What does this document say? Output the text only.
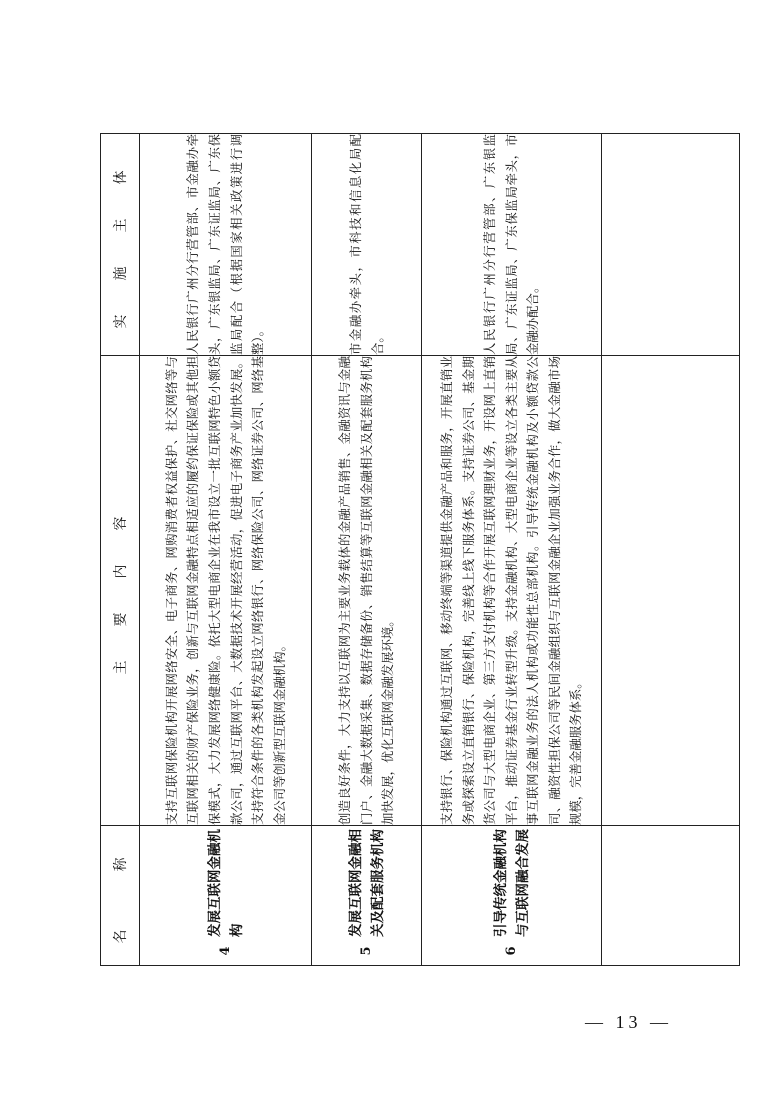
名　　称	主　要　内　容	实　施　主　体

4
发展互联网金融机构	支持互联网保险机构开展网络安全、电子商务、网购消费者权益保护、社交网络等与互联网相关的财产保险业务，创新与互联网金融特点相适应的履约保证保险或其他担保模式，大力发展网络健康险。依托大型电商企业在我市设立一批互联网特色小额贷款公司，通过互联网平台、大数据技术开展经营活动，促进电子商务产业加快发展。支持符合条件的各类机构发起设立网络银行、网络保险公司、网络证券公司、网络基金公司等创新型互联网金融机构。	人民银行广州分行营管部、市金融办牵头，广东银监局、广东证监局、广东保监局配合（根据国家相关政策进行调整）。

5
发展互联网金融相关及配套服务机构	创造良好条件，大力支持以互联网为主要业务载体的金融产品销售、金融资讯与金融门户、金融大数据采集、数据存储备份、销售结算等互联网金融相关及配套服务机构加快发展，优化互联网金融发展环境。	市金融办牵头，市科技和信息化局配合。

6
引导传统金融机构与互联网融合发展	支持银行、保险机构通过互联网、移动终端等渠道提供金融产品和服务，开展直销业务或探索设立直销银行、保险机构，完善线上线下服务体系。支持证券公司、基金期货公司与大型电商企业、第三方支付机构等合作开展互联网理财业务，开设网上直销平台，推动证券基金行业转型升级。支持金融机构、大型电商企业等设立各类主要从事互联网金融业务的法人机构或功能性总部机构。引导传统金融机构及小额贷款公司、融资性担保公司等民间金融组织与互联网金融企业加强业务合作，做大金融市场规模，完善金融服务体系。	人民银行广州分行营管部、广东银监局、广东证监局、广东保监局牵头，市金融办配合。

— 13 —
